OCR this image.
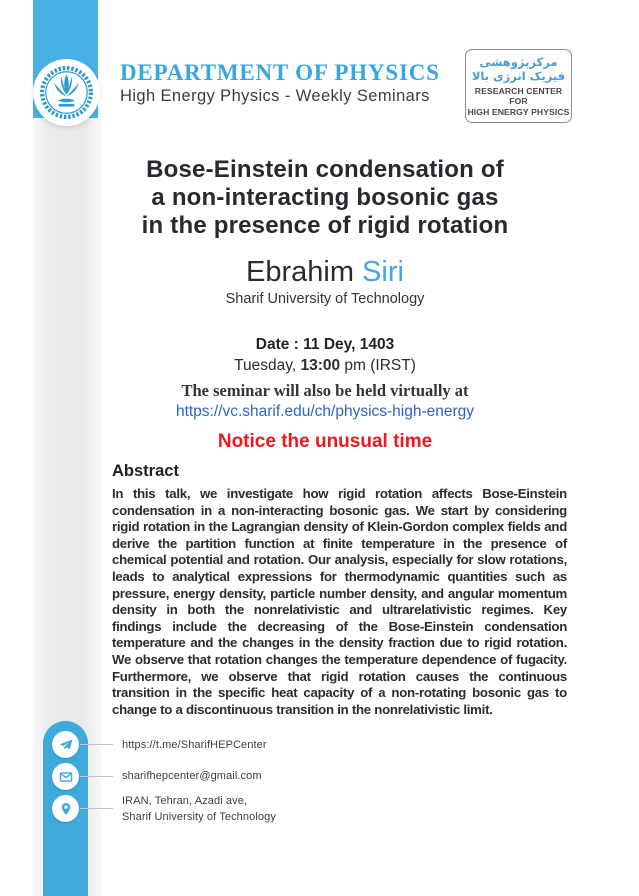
DEPARTMENT OF PHYSICS
High Energy Physics - Weekly Seminars
مرکزپژوهشی
فیزیک انرژی بالا
RESEARCH CENTER FOR
HIGH ENERGY PHYSICS
Bose-Einstein condensation of
a non-interacting bosonic gas
in the presence of rigid rotation
Ebrahim Siri
Sharif University of Technology
Date : 11 Dey, 1403
Tuesday, 13:00 pm (IRST)
The seminar will also be held virtually at
https://vc.sharif.edu/ch/physics-high-energy
Notice the unusual time
Abstract
In this talk, we investigate how rigid rotation affects Bose-Einstein condensation in a non-interacting bosonic gas. We start by considering rigid rotation in the Lagrangian density of Klein-Gordon complex fields and derive the partition function at finite temperature in the presence of chemical potential and rotation. Our analysis, especially for slow rotations, leads to analytical expressions for thermodynamic quantities such as pressure, energy density, particle number density, and angular momentum density in both the nonrelativistic and ultrarelativistic regimes. Key findings include the decreasing of the Bose-Einstein condensation temperature and the changes in the density fraction due to rigid rotation. We observe that rotation changes the temperature dependence of fugacity. Furthermore, we observe that rigid rotation causes the continuous transition in the specific heat capacity of a non-rotating bosonic gas to change to a discontinuous transition in the nonrelativistic limit.
https://t.me/SharifHEPCenter
sharifhepcenter@gmail.com
IRAN, Tehran, Azadi ave,
Sharif University of Technology
